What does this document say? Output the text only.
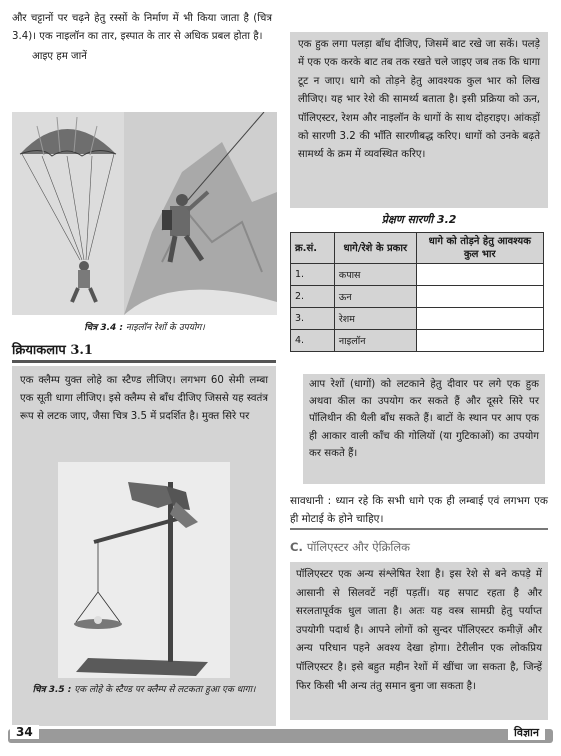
और चट्टानों पर चढ़ने हेतु रस्सों के निर्माण में भी किया जाता है (चित्र 3.4)। एक नाइलॉन का तार, इस्पात के तार से अधिक प्रबल होता है।

आइए हम जानें

चित्र 3.4 : नाइलॉन रेशों के उपयोग।
क्रियाकलाप 3.1

एक क्लैम्प युक्त लोहे का स्टैण्ड लीजिए। लगभग 60 सेमी लम्बा एक सूती धागा लीजिए। इसे क्लैम्प से बाँध दीजिए जिससे यह स्वतंत्र रूप से लटक जाए, जैसा चित्र 3.5 में प्रदर्शित है। मुक्त सिरे पर

चित्र 3.5 : एक लोहे के स्टैण्ड पर क्लैम्प से लटकता हुआ एक धागा।

एक हुक लगा पलड़ा बाँध दीजिए, जिसमें बाट रखे जा सकें। पलड़े में एक एक करके बाट तब तक रखते चले जाइए जब तक कि धागा टूट न जाए। धागे को तोड़ने हेतु आवश्यक कुल भार को लिख लीजिए। यह भार रेशे की सामर्थ्य बताता है। इसी प्रक्रिया को ऊन, पॉलिएस्टर, रेशम और नाइलॉन के धागों के साथ दोहराइए। आंकड़ों को सारणी 3.2 की भाँति सारणीबद्ध करिए। धागों को उनके बढ़ते सामर्थ्य के क्रम में व्यवस्थित करिए।

प्रेक्षण सारणी 3.2
क्र.सं.	धागे/रेशे के प्रकार	धागे को तोड़ने हेतु आवश्यक कुल भार
1.	कपास	
2.	ऊन	
3.	रेशम	
4.	नाइलॉन	

आप रेशों (धागों) को लटकाने हेतु दीवार पर लगे एक हुक अथवा कील का उपयोग कर सकते हैं और दूसरे सिरे पर पॉलिथीन की थैली बाँध सकते हैं। बाटों के स्थान पर आप एक ही आकार वाली काँच की गोलियों (या गुटिकाओं) का उपयोग कर सकते हैं।

सावधानी : ध्यान रहे कि सभी धागे एक ही लम्बाई एवं लगभग एक ही मोटाई के होने चाहिए।
C. पॉलिएस्टर और ऐक्रिलिक

पॉलिएस्टर एक अन्य संश्लेषित रेशा है। इस रेशे से बने कपड़े में आसानी से सिलवटें नहीं पड़तीं। यह सपाट रहता है और सरलतापूर्वक धुल जाता है। अतः यह वस्त्र सामग्री हेतु पर्याप्त उपयोगी पदार्थ है। आपने लोगों को सुन्दर पॉलिएस्टर कमीज़ें और अन्य परिधान पहने अवश्य देखा होगा। टेरीलीन एक लोकप्रिय पॉलिएस्टर है। इसे बहुत महीन रेशों में खींचा जा सकता है, जिन्हें फिर किसी भी अन्य तंतु समान बुना जा सकता है।

34	विज्ञान
